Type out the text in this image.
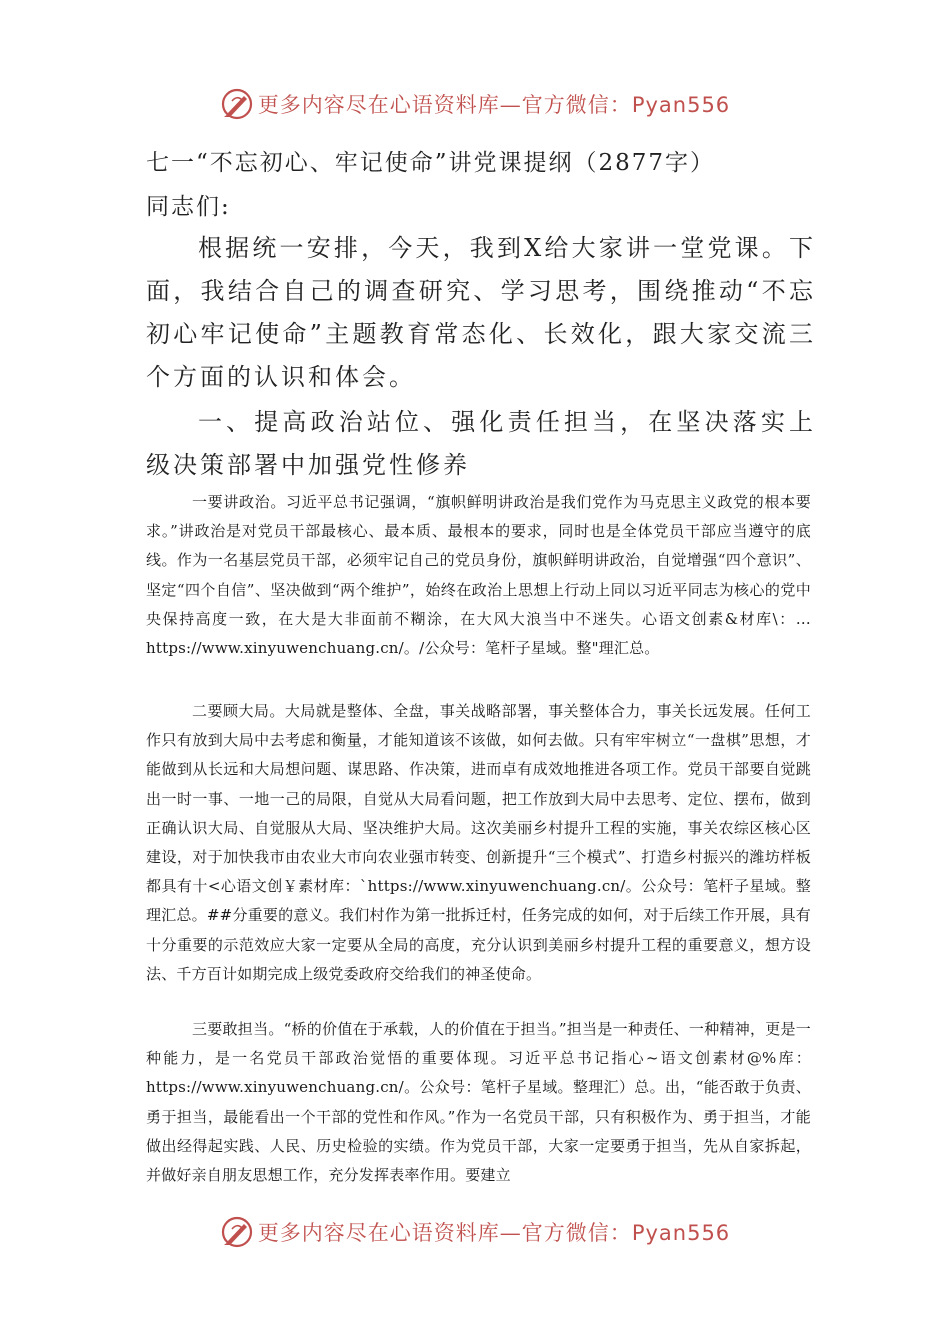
更多内容尽在心语资料库—官方微信：Pyan556
七一“不忘初心、牢记使命”讲党课提纲（2877字）
同志们:
根据统一安排，今天，我到X给大家讲一堂党课。下面，我结合自己的调查研究、学习思考，围绕推动“不忘初心牢记使命”主题教育常态化、长效化，跟大家交流三个方面的认识和体会。
一、提高政治站位、强化责任担当，在坚决落实上级决策部署中加强党性修养
一要讲政治。习近平总书记强调，“旗帜鲜明讲政治是我们党作为马克思主义政党的根本要求。”讲政治是对党员干部最核心、最本质、最根本的要求，同时也是全体党员干部应当遵守的底线。作为一名基层党员干部，必须牢记自己的党员身份，旗帜鲜明讲政治，自觉增强“四个意识”、坚定“四个自信”、坚决做到“两个维护”，始终在政治上思想上行动上同以习近平同志为核心的党中央保持高度一致，在大是大非面前不糊涂，在大风大浪当中不迷失。心语文创素&材库\：…https://www.xinyuwenchuang.cn/。/公众号：笔杆子星域。整"理汇总。
二要顾大局。大局就是整体、全盘，事关战略部署，事关整体合力，事关长远发展。任何工作只有放到大局中去考虑和衡量，才能知道该不该做，如何去做。只有牢牢树立“一盘棋”思想，才能做到从长远和大局想问题、谋思路、作决策，进而卓有成效地推进各项工作。党员干部要自觉跳出一时一事、一地一己的局限，自觉从大局看问题，把工作放到大局中去思考、定位、摆布，做到正确认识大局、自觉服从大局、坚决维护大局。这次美丽乡村提升工程的实施，事关农综区核心区建设，对于加快我市由农业大市向农业强市转变、创新提升“三个模式”、打造乡村振兴的潍坊样板都具有十<心语文创￥素材库：`https://www.xinyuwenchuang.cn/。公众号：笔杆子星域。整理汇总。##分重要的意义。我们村作为第一批拆迁村，任务完成的如何，对于后续工作开展，具有十分重要的示范效应大家一定要从全局的高度，充分认识到美丽乡村提升工程的重要意义，想方设法、千方百计如期完成上级党委政府交给我们的神圣使命。
三要敢担当。“桥的价值在于承载，人的价值在于担当。”担当是一种责任、一种精神，更是一种能力，是一名党员干部政治觉悟的重要体现。习近平总书记指心~语文创素材@%库：https://www.xinyuwenchuang.cn/。公众号：笔杆子星域。整理汇）总。出，“能否敢于负责、勇于担当，最能看出一个干部的党性和作风。”作为一名党员干部，只有积极作为、勇于担当，才能做出经得起实践、人民、历史检验的实绩。作为党员干部，大家一定要勇于担当，先从自家拆起，并做好亲自朋友思想工作，充分发挥表率作用。要建立
更多内容尽在心语资料库—官方微信：Pyan556
